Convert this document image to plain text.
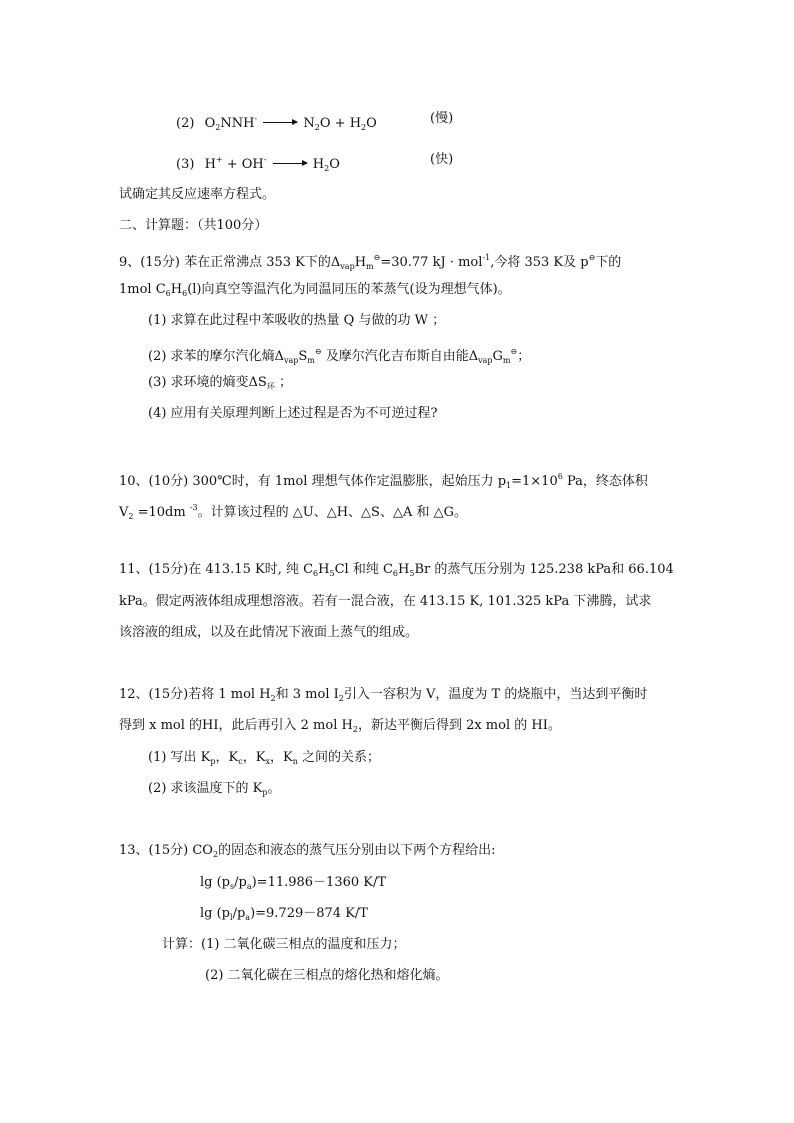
(2) $O_2NNH^- \to N_2O + H_2O$	(慢)
(3) $H^+ + OH^- \to H_2O$	(快)
试确定其反应速率方程式。
二、计算题：（共100分）
9、(15分) 苯在正常沸点 353 K下的$\Delta_{vap}H_m^⊖=30.77$ kJ · mol$^{-1}$,今将 353 K及 p⊖下的
1mol $C_6H_6(l)$向真空等温汽化为同温同压的苯蒸气(设为理想气体)。
(1) 求算在此过程中苯吸收的热量 Q 与做的功 W ；
(2) 求苯的摩尔汽化熵$\Delta_{vap}S_m^⊖$ 及摩尔汽化吉布斯自由能$\Delta_{vap}G_m^⊖$；
(3) 求环境的熵变$\Delta S_环$ ；
(4) 应用有关原理判断上述过程是否为不可逆过程?
10、(10分) 300℃时，有 1mol 理想气体作定温膨胀，起始压力 $p_1=1\times 10^6$ Pa，终态体积
$V_2 =10dm$ $^{-3}$。计算该过程的 △U、△H、△S、△A 和 △G。
11、(15分)在 413.15 K时, 纯 $C_6H_5Cl$ 和纯 $C_6H_5Br$ 的蒸气压分别为 125.238 kPa和 66.104
kPa。假定两液体组成理想溶液。若有一混合液，在 413.15 K, 101.325 kPa 下沸腾，试求
该溶液的组成，以及在此情况下液面上蒸气的组成。
12、(15分)若将 1 mol $H_2$和 3 mol $I_2$引入一容积为 V，温度为 T 的烧瓶中，当达到平衡时
得到 x mol 的HI，此后再引入 2 mol $H_2$，新达平衡后得到 2x mol 的 HI。
(1) 写出 $K_p$，$K_c$，$K_x$，$K_n$ 之间的关系；
(2) 求该温度下的 $K_p$。
13、(15分) $CO_2$的固态和液态的蒸气压分别由以下两个方程给出:
$\lg (p_s/p_a)=11.986-1360$ K/T
$\lg (p_l/p_a)=9.729-874$ K/T
计算：(1) 二氧化碳三相点的温度和压力；
(2) 二氧化碳在三相点的熔化热和熔化熵。
